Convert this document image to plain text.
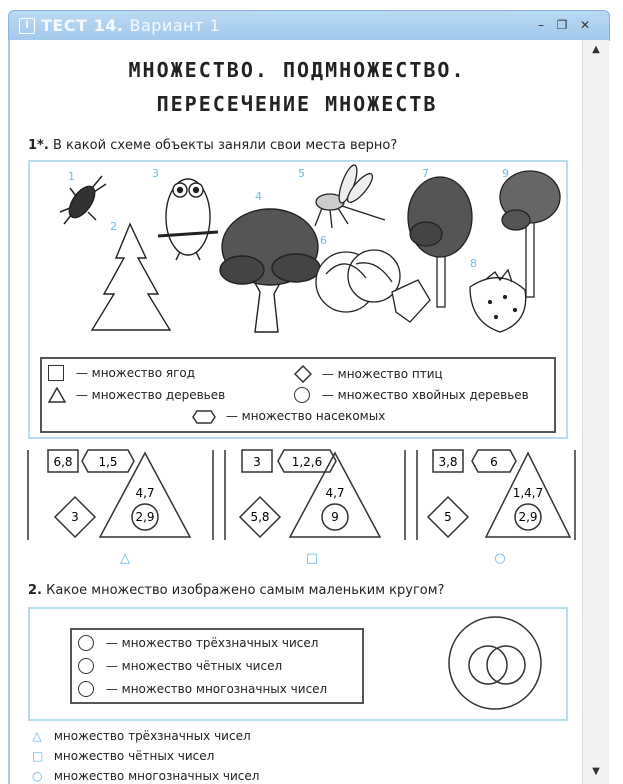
i ТЕСТ 14. Вариант 1	–	❐ ✕
МНОЖЕСТВО. ПОДМНОЖЕСТВО.
ПЕРЕСЕЧЕНИЕ МНОЖЕСТВ
1*. В какой схеме объекты заняли свои места верно?
1
2
3
4
5
6
7
8
9
— множество ягод	— множество птиц
— множество деревьев	— множество хвойных деревьев
— множество насекомых
6,8 1,5
3
4,7
2,9
△
3	1,2,6
5,8
4,7
9
□
3,8	6
5
1,4,7
2,9
○
2. Какое множество изображено самым маленьким кругом?
— множество трёхзначных чисел
— множество чётных чисел
— множество многозначных чисел
△ множество трёхзначных чисел
□ множество чётных чисел
○ множество многозначных чисел
▲
▼
